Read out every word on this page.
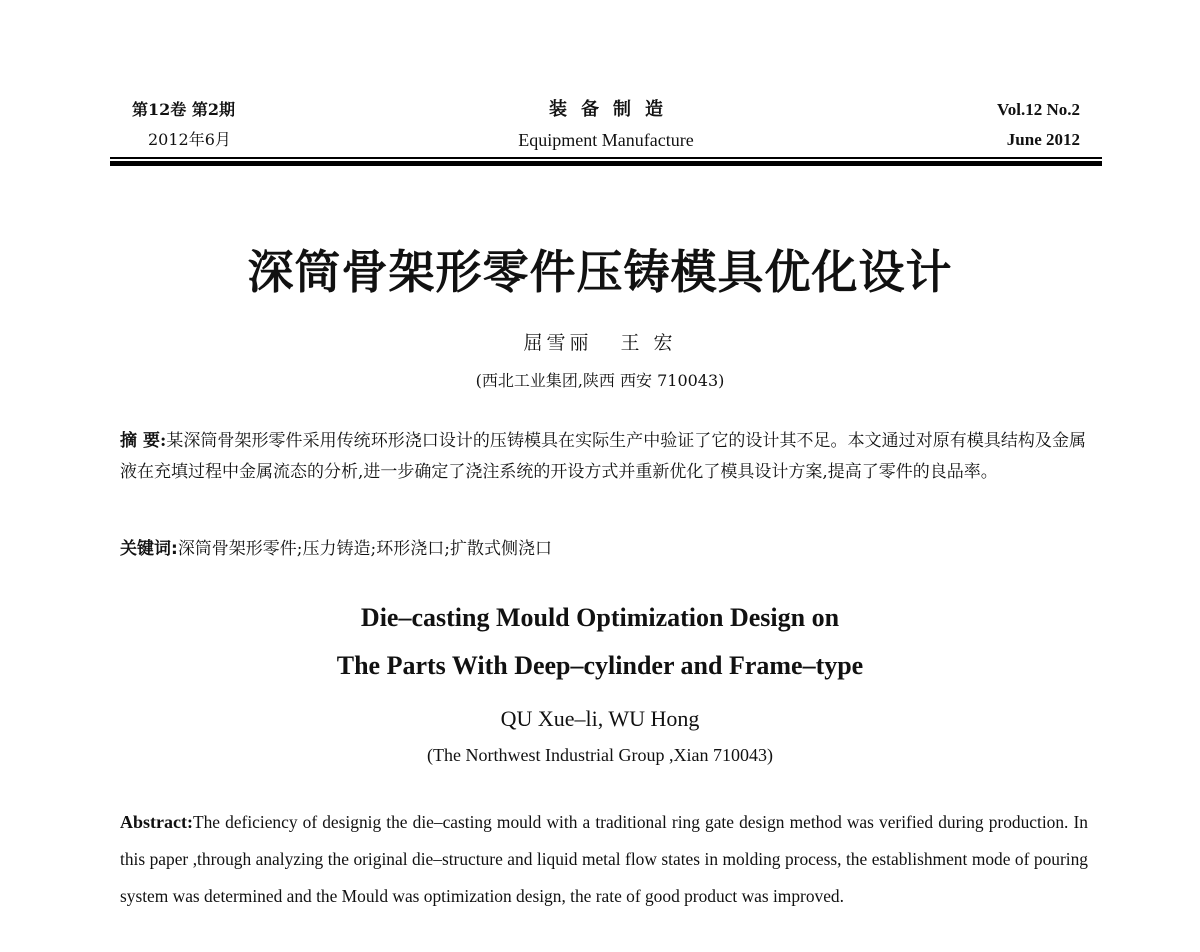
第12卷 第2期
2012年6月
装备制造
Equipment Manufacture
Vol.12 No.2
June 2012
深筒骨架形零件压铸模具优化设计
屈雪丽 王 宏
(西北工业集团,陕西 西安 710043)
摘 要:某深筒骨架形零件采用传统环形浇口设计的压铸模具在实际生产中验证了它的设计其不足。本文通过对原有模具结构及金属液在充填过程中金属流态的分析,进一步确定了浇注系统的开设方式并重新优化了模具设计方案,提高了零件的良品率。
关键词:深筒骨架形零件;压力铸造;环形浇口;扩散式侧浇口
Die–casting Mould Optimization Design on
The Parts With Deep–cylinder and Frame–type
QU Xue–li, WU Hong
(The Northwest Industrial Group ,Xian 710043)
Abstract:The deficiency of designig the die–casting mould with a traditional ring gate design method was verified during production. In this paper ,through analyzing the original die–structure and liquid metal flow states in molding process, the establishment mode of pouring system was determined and the Mould was optimization design, the rate of good product was improved.
